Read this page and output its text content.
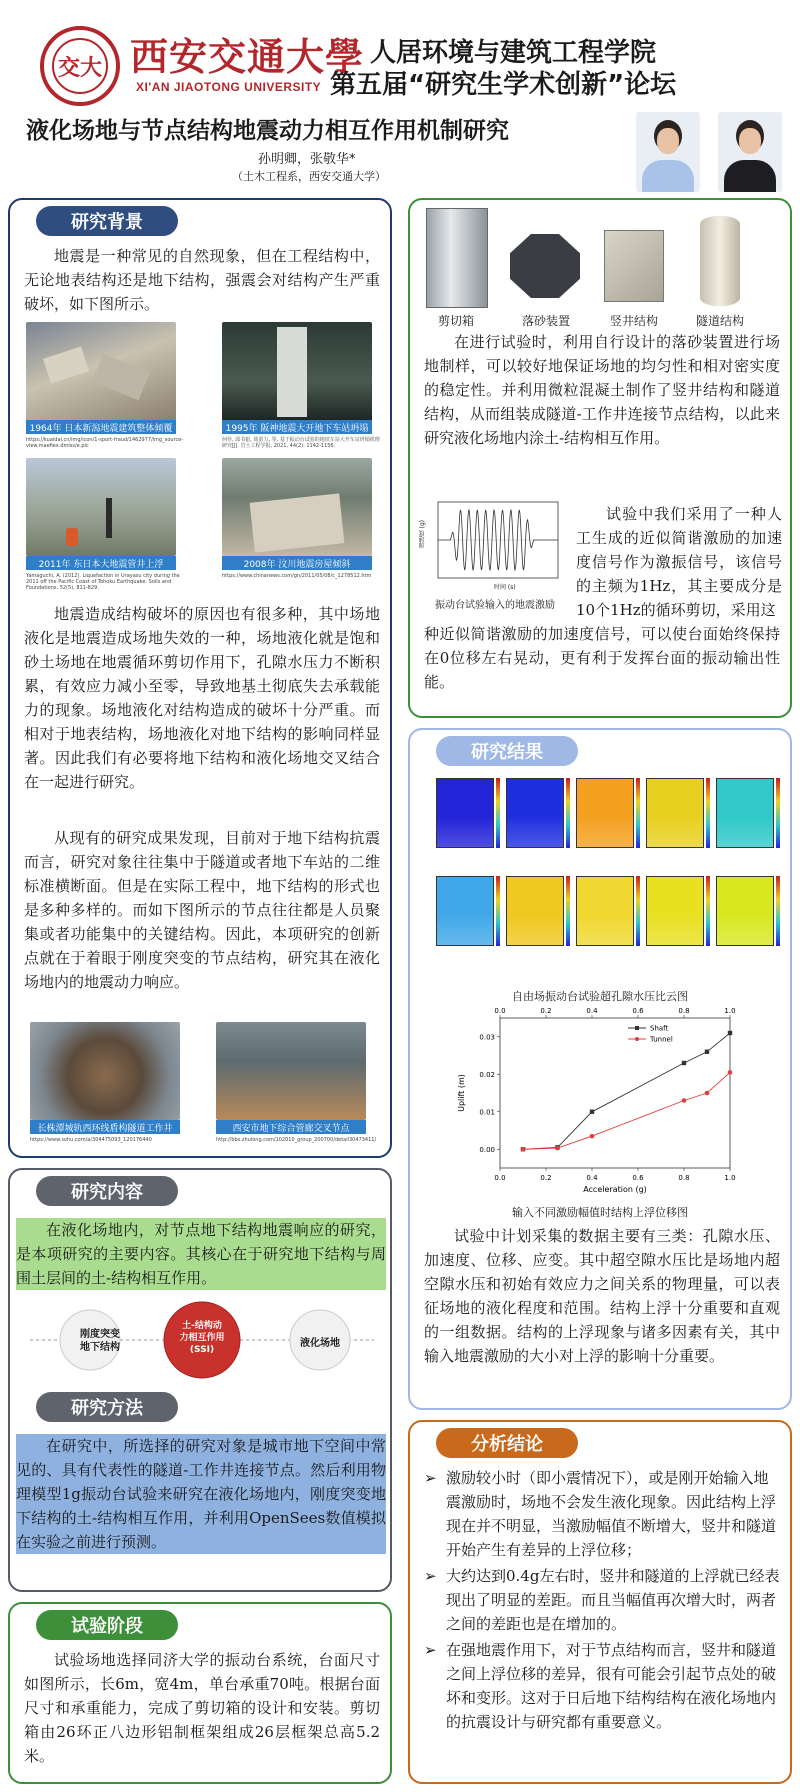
交大 西安交通大學
XI'AN JIAOTONG UNIVERSITY
人居环境与建筑工程学院
第五届“研究生学术创新”论坛
液化场地与节点结构地震动力相互作用机制研究
孙明卿，张敬华*
（土木工程系，西安交通大学）
研究背景
地震是一种常见的自然现象，但在工程结构中，无论地表结构还是地下结构，强震会对结构产生严重破坏，如下图所示。
1964年 日本新潟地震建筑整体倾覆
https://kuaidai.cn/img/icon/1-sport-fraud/1462977/img_source-view.maefiex.dmiss/e.pic
1995年 阪神地震大开地下车站坍塌
何佳, 邱书银, 徐湛力, 等. 基于振动台试验的地铁车站大开车站坍塌机理研究[J]. 岩土工程学报, 2021, 44(2): 1142-1156.
2011年 东日本大地震管井上浮
Yamaguchi, A. (2012). Liquefaction in Urayasu city during the 2011 off the Pacific Coast of Tohoku Earthquake. Soils and Foundations, 52(5), 811-829.
2008年 汶川地震房屋倾斜
https://www.chinanews.com/gn/2011/05/08/c_1278512.htm
地震造成结构破坏的原因也有很多种，其中场地液化是地震造成场地失效的一种，场地液化就是饱和砂土场地在地震循环剪切作用下，孔隙水压力不断积累，有效应力减小至零，导致地基土彻底失去承载能力的现象。场地液化对结构造成的破坏十分严重。而相对于地表结构，场地液化对地下结构的影响同样显著。因此我们有必要将地下结构和液化场地交叉结合在一起进行研究。
从现有的研究成果发现，目前对于地下结构抗震而言，研究对象往往集中于隧道或者地下车站的二维标准横断面。但是在实际工程中，地下结构的形式也是多种多样的。而如下图所示的节点往往都是人员聚集或者功能集中的关键结构。因此，本项研究的创新点就在于着眼于刚度突变的节点结构，研究其在液化场地内的地震动力响应。
长株潭城轨西环线盾构隧道工作井
https://www.sohu.com/a/304475093_120176440
西安市地下综合管廊交叉节点
http://bbs.zhulong.com/102010_group_200700/detail30473411/
研究内容
在液化场地内，对节点地下结构地震响应的研究，是本项研究的主要内容。其核心在于研究地下结构与周围土层间的土-结构相互作用。
刚度突变
地下结构
土-结构动
力相互作用
(SSI)
液化场地
研究方法
在研究中，所选择的研究对象是城市地下空间中常见的、具有代表性的隧道-工作井连接节点。然后利用物理模型1g振动台试验来研究在液化场地内，刚度突变地下结构的土-结构相互作用，并利用OpenSees数值模拟在实验之前进行预测。
试验阶段
试验场地选择同济大学的振动台系统，台面尺寸如图所示，长6m，宽4m，单台承重70吨。根据台面尺寸和承重能力，完成了剪切箱的设计和安装。剪切箱由26环正八边形铝制框架组成26层框架总高5.2米。
剪切箱	落砂装置	竖井结构	隧道结构
在进行试验时，利用自行设计的落砂装置进行场地制样，可以较好地保证场地的均匀性和相对密实度的稳定性。并利用微粒混凝土制作了竖井结构和隧道结构，从而组装成隧道-工作井连接节点结构，以此来研究液化场地内涂土-结构相互作用。
加速度 (g)
时间 (s)
振动台试验输入的地震激励
试验中我们采用了一种人工生成的近似简谐激励的加速度信号作为激振信号，该信号的主频为1Hz，其主要成分是10个1Hz的循环剪切，采用这
种近似简谐激励的加速度信号，可以使台面始终保持在0位移左右晃动，更有利于发挥台面的振动输出性能。
研究结果
自由场振动台试验超孔隙水压比云图
0.0
0.0
0.2
0.2
0.4
0.4
0.6
0.6
0.8
0.8
1.0
1.0
0.00
0.01
0.02
0.03
Acceleration (g)
Uplift (m)
Shaft
Tunnel
输入不同激励幅值时结构上浮位移图
试验中计划采集的数据主要有三类：孔隙水压、加速度、位移、应变。其中超空隙水压比是场地内超空隙水压和初始有效应力之间关系的物理量，可以表征场地的液化程度和范围。结构上浮十分重要和直观的一组数据。结构的上浮现象与诸多因素有关，其中输入地震激励的大小对上浮的影响十分重要。
分析结论
➢ 激励较小时（即小震情况下），或是刚开始输入地震激励时，场地不会发生液化现象。因此结构上浮现在并不明显，当激励幅值不断增大，竖井和隧道开始产生有差异的上浮位移；
➢ 大约达到0.4g左右时，竖井和隧道的上浮就已经表现出了明显的差距。而且当幅值再次增大时，两者之间的差距也是在增加的。
➢ 在强地震作用下，对于节点结构而言，竖井和隧道之间上浮位移的差异，很有可能会引起节点处的破坏和变形。这对于日后地下结构结构在液化场地内的抗震设计与研究都有重要意义。
